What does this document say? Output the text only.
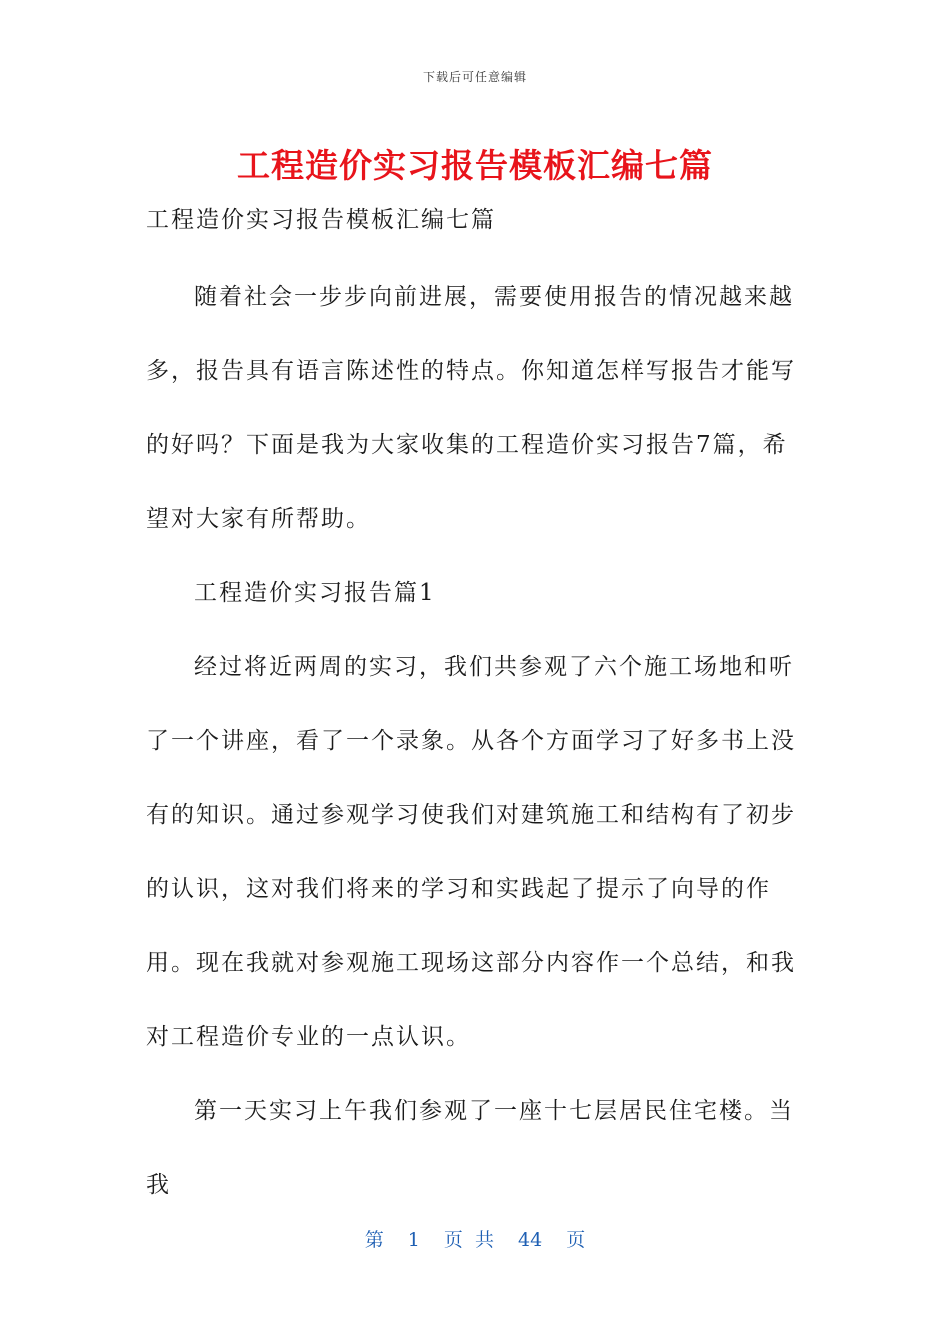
下载后可任意编辑
工程造价实习报告模板汇编七篇

工程造价实习报告模板汇编七篇

随着社会一步步向前进展，需要使用报告的情况越来越多，报告具有语言陈述性的特点。你知道怎样写报告才能写的好吗？下面是我为大家收集的工程造价实习报告7篇，希望对大家有所帮助。

工程造价实习报告篇1

经过将近两周的实习，我们共参观了六个施工场地和听了一个讲座，看了一个录象。从各个方面学习了好多书上没有的知识。通过参观学习使我们对建筑施工和结构有了初步的认识，这对我们将来的学习和实践起了提示了向导的作用。现在我就对参观施工现场这部分内容作一个总结，和我对工程造价专业的一点认识。

第一天实习上午我们参观了一座十七层居民住宅楼。当我

第 1 页 共 44 页
